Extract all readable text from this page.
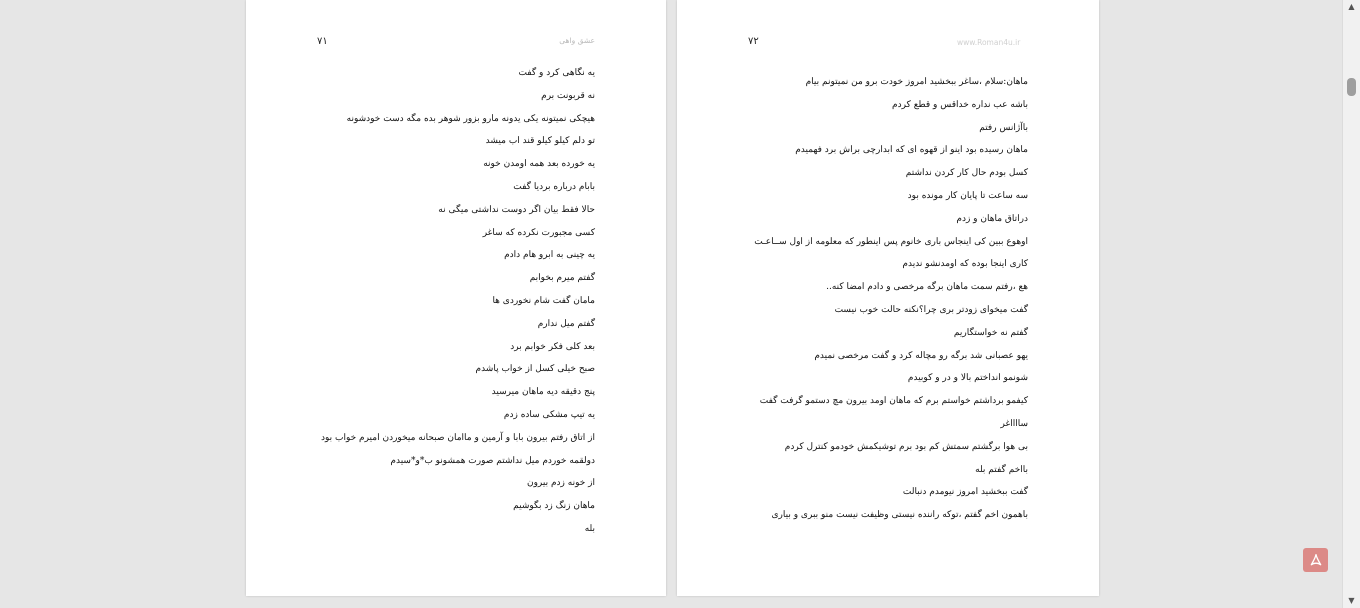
٧١	عشق واهی
یه نگاهی کرد و گفت
نه قربونت برم
هیچکی نمیتونه یکی یدونه مارو بزور شوهر بده مگه دست خودشونه
تو دلم کیلو کیلو قند اب میشد
یه خورده بعد همه اومدن خونه
بابام درباره بردیا گفت
حالا فقط بیان اگر دوست نداشتی میگی نه
کسی مجبورت نکرده که ساغر
یه چینی به ابرو هام دادم
گفتم میرم بخوابم
مامان گفت شام نخوردی ها
گفتم میل ندارم
بعد کلی فکر خوابم برد
صبح خیلی کسل از خواب پاشدم
پنج دقیقه دیه ماهان میرسید
یه تیپ مشکی ساده زدم
از اتاق رفتم بیرون بابا و آرمین و ماامان صبحانه میخوردن امیرم خواب بود
دولقمه خوردم میل نداشتم صورت همشونو ب*و*سیدم
از خونه زدم بیرون
ماهان زنگ زد بگوشیم
بله
٧٢	www.Roman4u.ir
ماهان:سلام ،ساغر ببخشید امروز خودت برو من نمیتونم بیام
باشه عب نداره خداقس و قطع کردم
باآژانس رفتم
ماهان رسیده بود اینو از قهوه ای که ابدارچی براش برد فهمیدم
کسل بودم حال کار کردن نداشتم
سه ساعت تا پایان کار مونده بود
دراتاق ماهان و زدم
اوهوع ببین کی اینجاس باری خانوم پس اینطور که معلومه از اول ســاعـت
کاری اینجا بوده که اومدنشو ندیدم
هع ،رفتم سمت ماهان برگه مرخصی و دادم امضا کنه..
گفت میخوای زودتر بری چرا؟نکنه حالت خوب نیست
گفتم نه خواستگاریم
یهو عصبانی شد برگه رو مچاله کرد و گفت مرخصی نمیدم
شونمو انداختم بالا و در و کوبیدم
کیفمو برداشتم خواستم برم که ماهان اومد بیرون مچ دستمو گرفت گفت
سااااغر
بی هوا برگشتم سمتش کم بود برم توشیکمش خودمو کنترل کردم
بااخم گفتم بله
گفت ببخشید امروز نیومدم دنبالت
باهمون اخم گفتم ،توکه راننده نیستی وظیفت نیست منو ببری و بیاری
▲
▼
